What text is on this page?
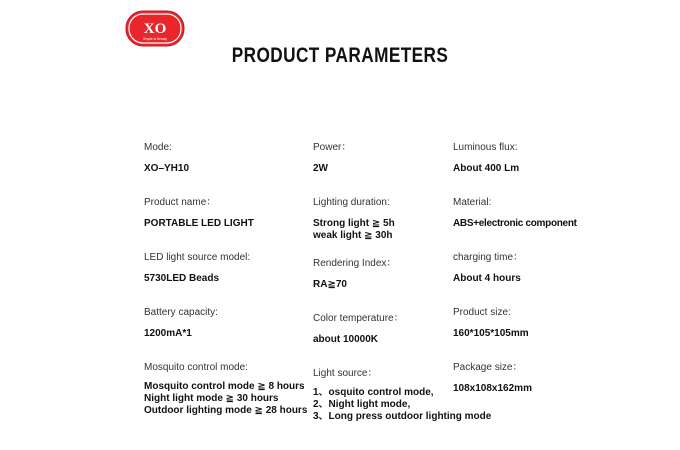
XO
Simple Is Beauty
PRODUCT PARAMETERS
Mode:
XO–YH10
Power：
2W
Luminous flux:
About 400 Lm
Product name：
PORTABLE LED LIGHT
Lighting duration:
Strong light ≧ 5h
weak light ≧ 30h
Material:
ABS+electronic component
LED light source model:
5730LED Beads
Rendering Index：
RA≧70
charging time：
About 4 hours
Battery capacity:
1200mA*1
Color temperature：
about 10000K
Product size:
160*105*105mm
Mosquito control mode:
Mosquito control mode ≧ 8 hours
Night light mode ≧ 30 hours
Outdoor lighting mode ≧ 28 hours
Light source：
1、osquito control mode,
2、Night light mode,
3、Long press outdoor lighting mode
Package size：
108x108x162mm
